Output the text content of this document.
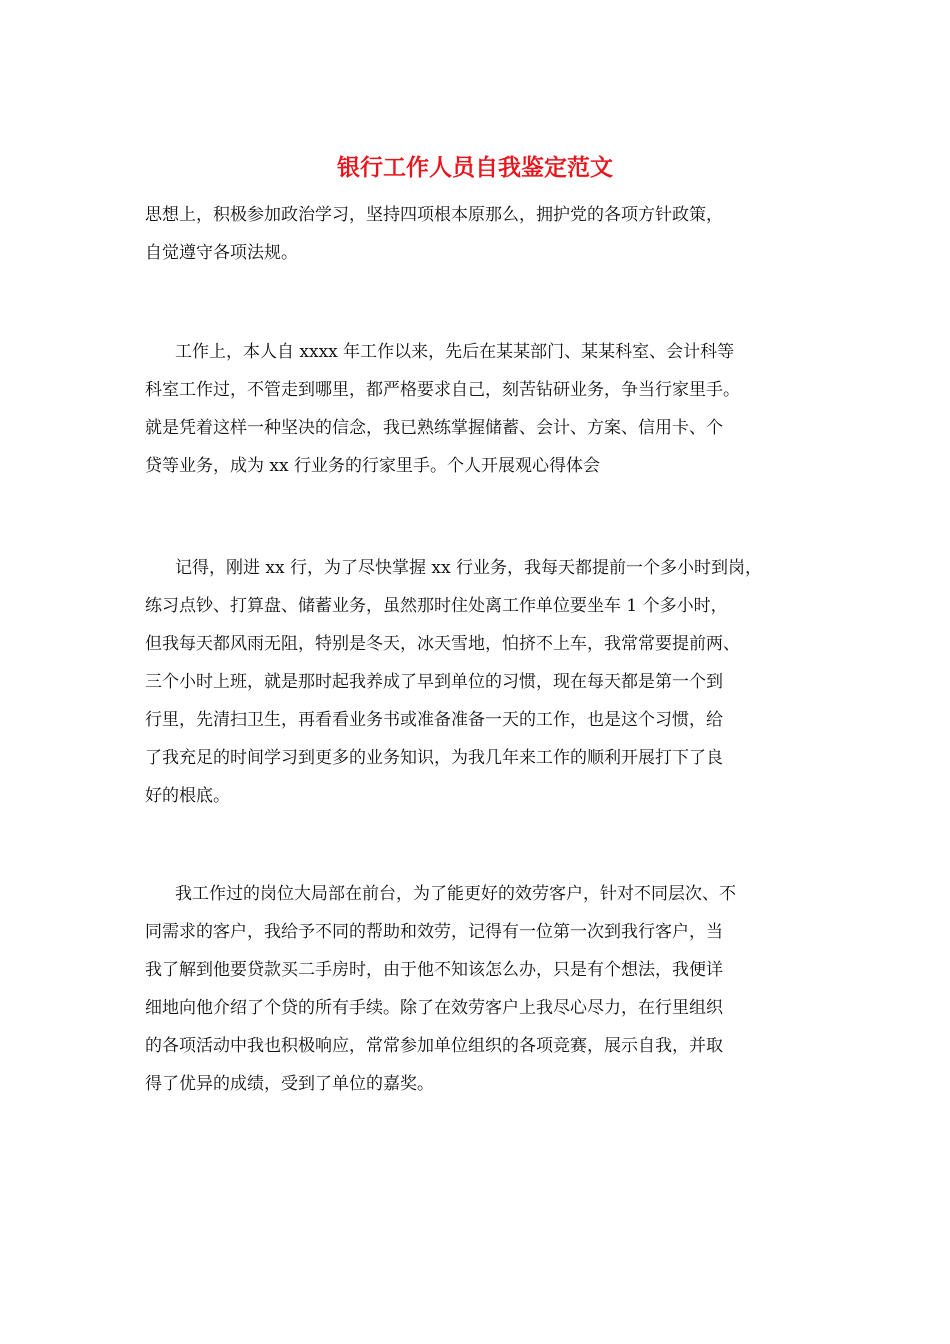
银行工作人员自我鉴定范文

思想上，积极参加政治学习，坚持四项根本原那么，拥护党的各项方针政策，
自觉遵守各项法规。

工作上，本人自 xxxx 年工作以来，先后在某某部门、某某科室、会计科等
科室工作过，不管走到哪里，都严格要求自己，刻苦钻研业务，争当行家里手。
就是凭着这样一种坚决的信念，我已熟练掌握储蓄、会计、方案、信用卡、个
贷等业务，成为 xx 行业务的行家里手。个人开展观心得体会

记得，刚进 xx 行，为了尽快掌握 xx 行业务，我每天都提前一个多小时到岗，
练习点钞、打算盘、储蓄业务，虽然那时住处离工作单位要坐车 1 个多小时，
但我每天都风雨无阻，特别是冬天，冰天雪地，怕挤不上车，我常常要提前两、
三个小时上班，就是那时起我养成了早到单位的习惯，现在每天都是第一个到
行里，先清扫卫生，再看看业务书或准备准备一天的工作，也是这个习惯，给
了我充足的时间学习到更多的业务知识，为我几年来工作的顺利开展打下了良
好的根底。

我工作过的岗位大局部在前台，为了能更好的效劳客户，针对不同层次、不
同需求的客户，我给予不同的帮助和效劳，记得有一位第一次到我行客户，当
我了解到他要贷款买二手房时，由于他不知该怎么办，只是有个想法，我便详
细地向他介绍了个贷的所有手续。除了在效劳客户上我尽心尽力，在行里组织
的各项活动中我也积极响应，常常参加单位组织的各项竞赛，展示自我，并取
得了优异的成绩，受到了单位的嘉奖。
